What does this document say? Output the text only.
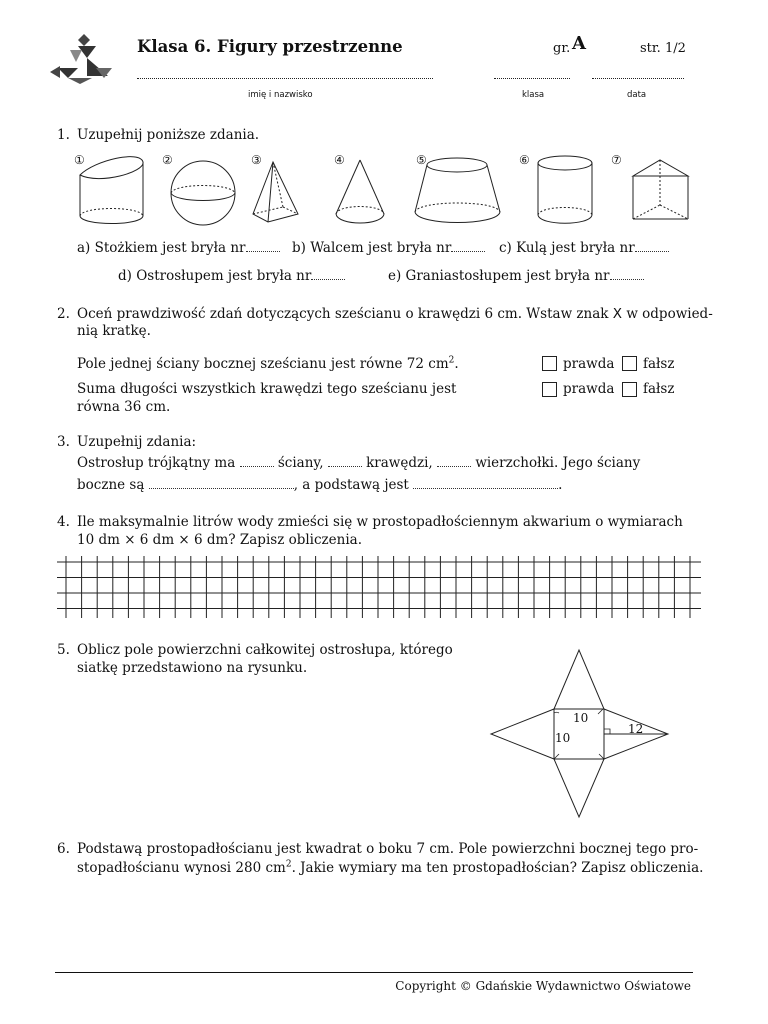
Klasa 6. Figury przestrzenne	gr. A	str. 1/2
imię i nazwisko	klasa	data
1. Uzupełnij poniższe zdania.
①	②	③	④	⑤	⑥	⑦
a) Stożkiem jest bryła nr	b) Walcem jest bryła nr	c) Kulą jest bryła nr
d) Ostrosłupem jest bryła nr	e) Graniastosłupem jest bryła nr
2. Oceń prawdziwość zdań dotyczących sześcianu o krawędzi 6 cm. Wstaw znak X w odpowied-
nią kratkę.
Pole jednej ściany bocznej sześcianu jest równe 72 $cm^2$.	prawda fałsz
Suma długości wszystkich krawędzi tego sześcianu jest
równa 36 cm.
prawda fałsz
3. Uzupełnij zdania:
Ostrosłup trójkątny ma	ściany,	krawędzi,	wierzchołki. Jego ściany
boczne są	, a podstawą jest	.
4. Ile maksymalnie litrów wody zmieści się w prostopadłościennym akwarium o wymiarach
10 dm × 6 dm × 6 dm? Zapisz obliczenia.
5. Oblicz pole powierzchni całkowitej ostrosłupa, którego
siatkę przedstawiono na rysunku.
10
10
12
6. Podstawą prostopadłościanu jest kwadrat o boku 7 cm. Pole powierzchni bocznej tego pro-
stopadłościanu wynosi 280 $cm^2$. Jakie wymiary ma ten prostopadłościan? Zapisz obliczenia.
Copyright © Gdańskie Wydawnictwo Oświatowe
